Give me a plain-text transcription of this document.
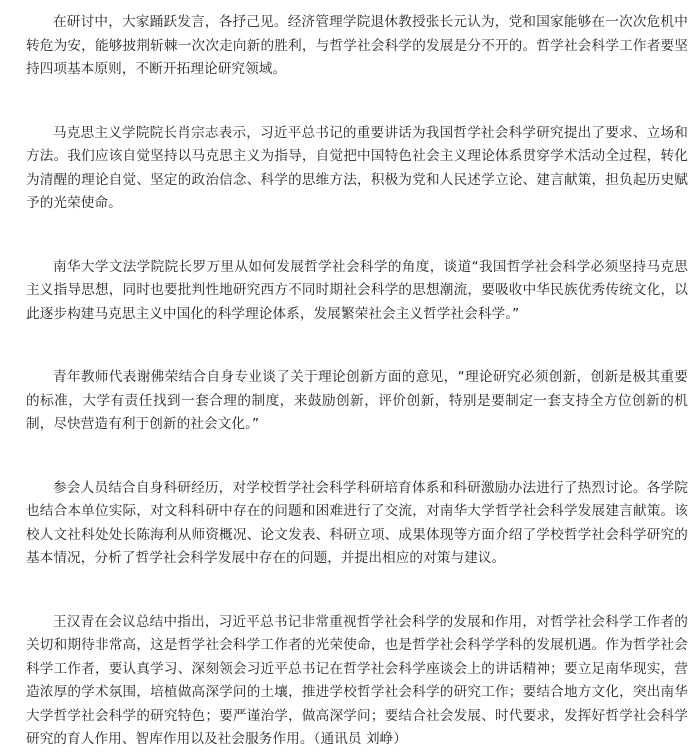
在研讨中，大家踊跃发言，各抒己见。经济管理学院退休教授张长元认为，党和国家能够在一次次危机中转危为安，能够披荆斩棘一次次走向新的胜利，与哲学社会科学的发展是分不开的。哲学社会科学工作者要坚持四项基本原则，不断开拓理论研究领域。

马克思主义学院院长肖宗志表示，习近平总书记的重要讲话为我国哲学社会科学研究提出了要求、立场和方法。我们应该自觉坚持以马克思主义为指导，自觉把中国特色社会主义理论体系贯穿学术活动全过程，转化为清醒的理论自觉、坚定的政治信念、科学的思维方法，积极为党和人民述学立论、建言献策，担负起历史赋予的光荣使命。

南华大学文法学院院长罗万里从如何发展哲学社会科学的角度，谈道“我国哲学社会科学必须坚持马克思主义指导思想，同时也要批判性地研究西方不同时期社会科学的思想潮流，要吸收中华民族优秀传统文化，以此逐步构建马克思主义中国化的科学理论体系，发展繁荣社会主义哲学社会科学。”

青年教师代表谢佛荣结合自身专业谈了关于理论创新方面的意见，“理论研究必须创新，创新是极其重要的标准，大学有责任找到一套合理的制度，来鼓励创新，评价创新，特别是要制定一套支持全方位创新的机制，尽快营造有利于创新的社会文化。”

参会人员结合自身科研经历，对学校哲学社会科学科研培育体系和科研激励办法进行了热烈讨论。各学院也结合本单位实际，对文科科研中存在的问题和困难进行了交流，对南华大学哲学社会科学发展建言献策。该校人文社科处处长陈海利从师资概况、论文发表、科研立项、成果体现等方面介绍了学校哲学社会科学研究的基本情况，分析了哲学社会科学发展中存在的问题，并提出相应的对策与建议。

王汉青在会议总结中指出，习近平总书记非常重视哲学社会科学的发展和作用，对哲学社会科学工作者的关切和期待非常高，这是哲学社会科学工作者的光荣使命，也是哲学社会科学学科的发展机遇。作为哲学社会科学工作者，要认真学习、深刻领会习近平总书记在哲学社会科学座谈会上的讲话精神；要立足南华现实，营造浓厚的学术氛围，培植做高深学问的土壤，推进学校哲学社会科学的研究工作；要结合地方文化，突出南华大学哲学社会科学的研究特色；要严谨治学，做高深学问；要结合社会发展、时代要求，发挥好哲学社会科学研究的育人作用、智库作用以及社会服务作用。（通讯员 刘峥）
